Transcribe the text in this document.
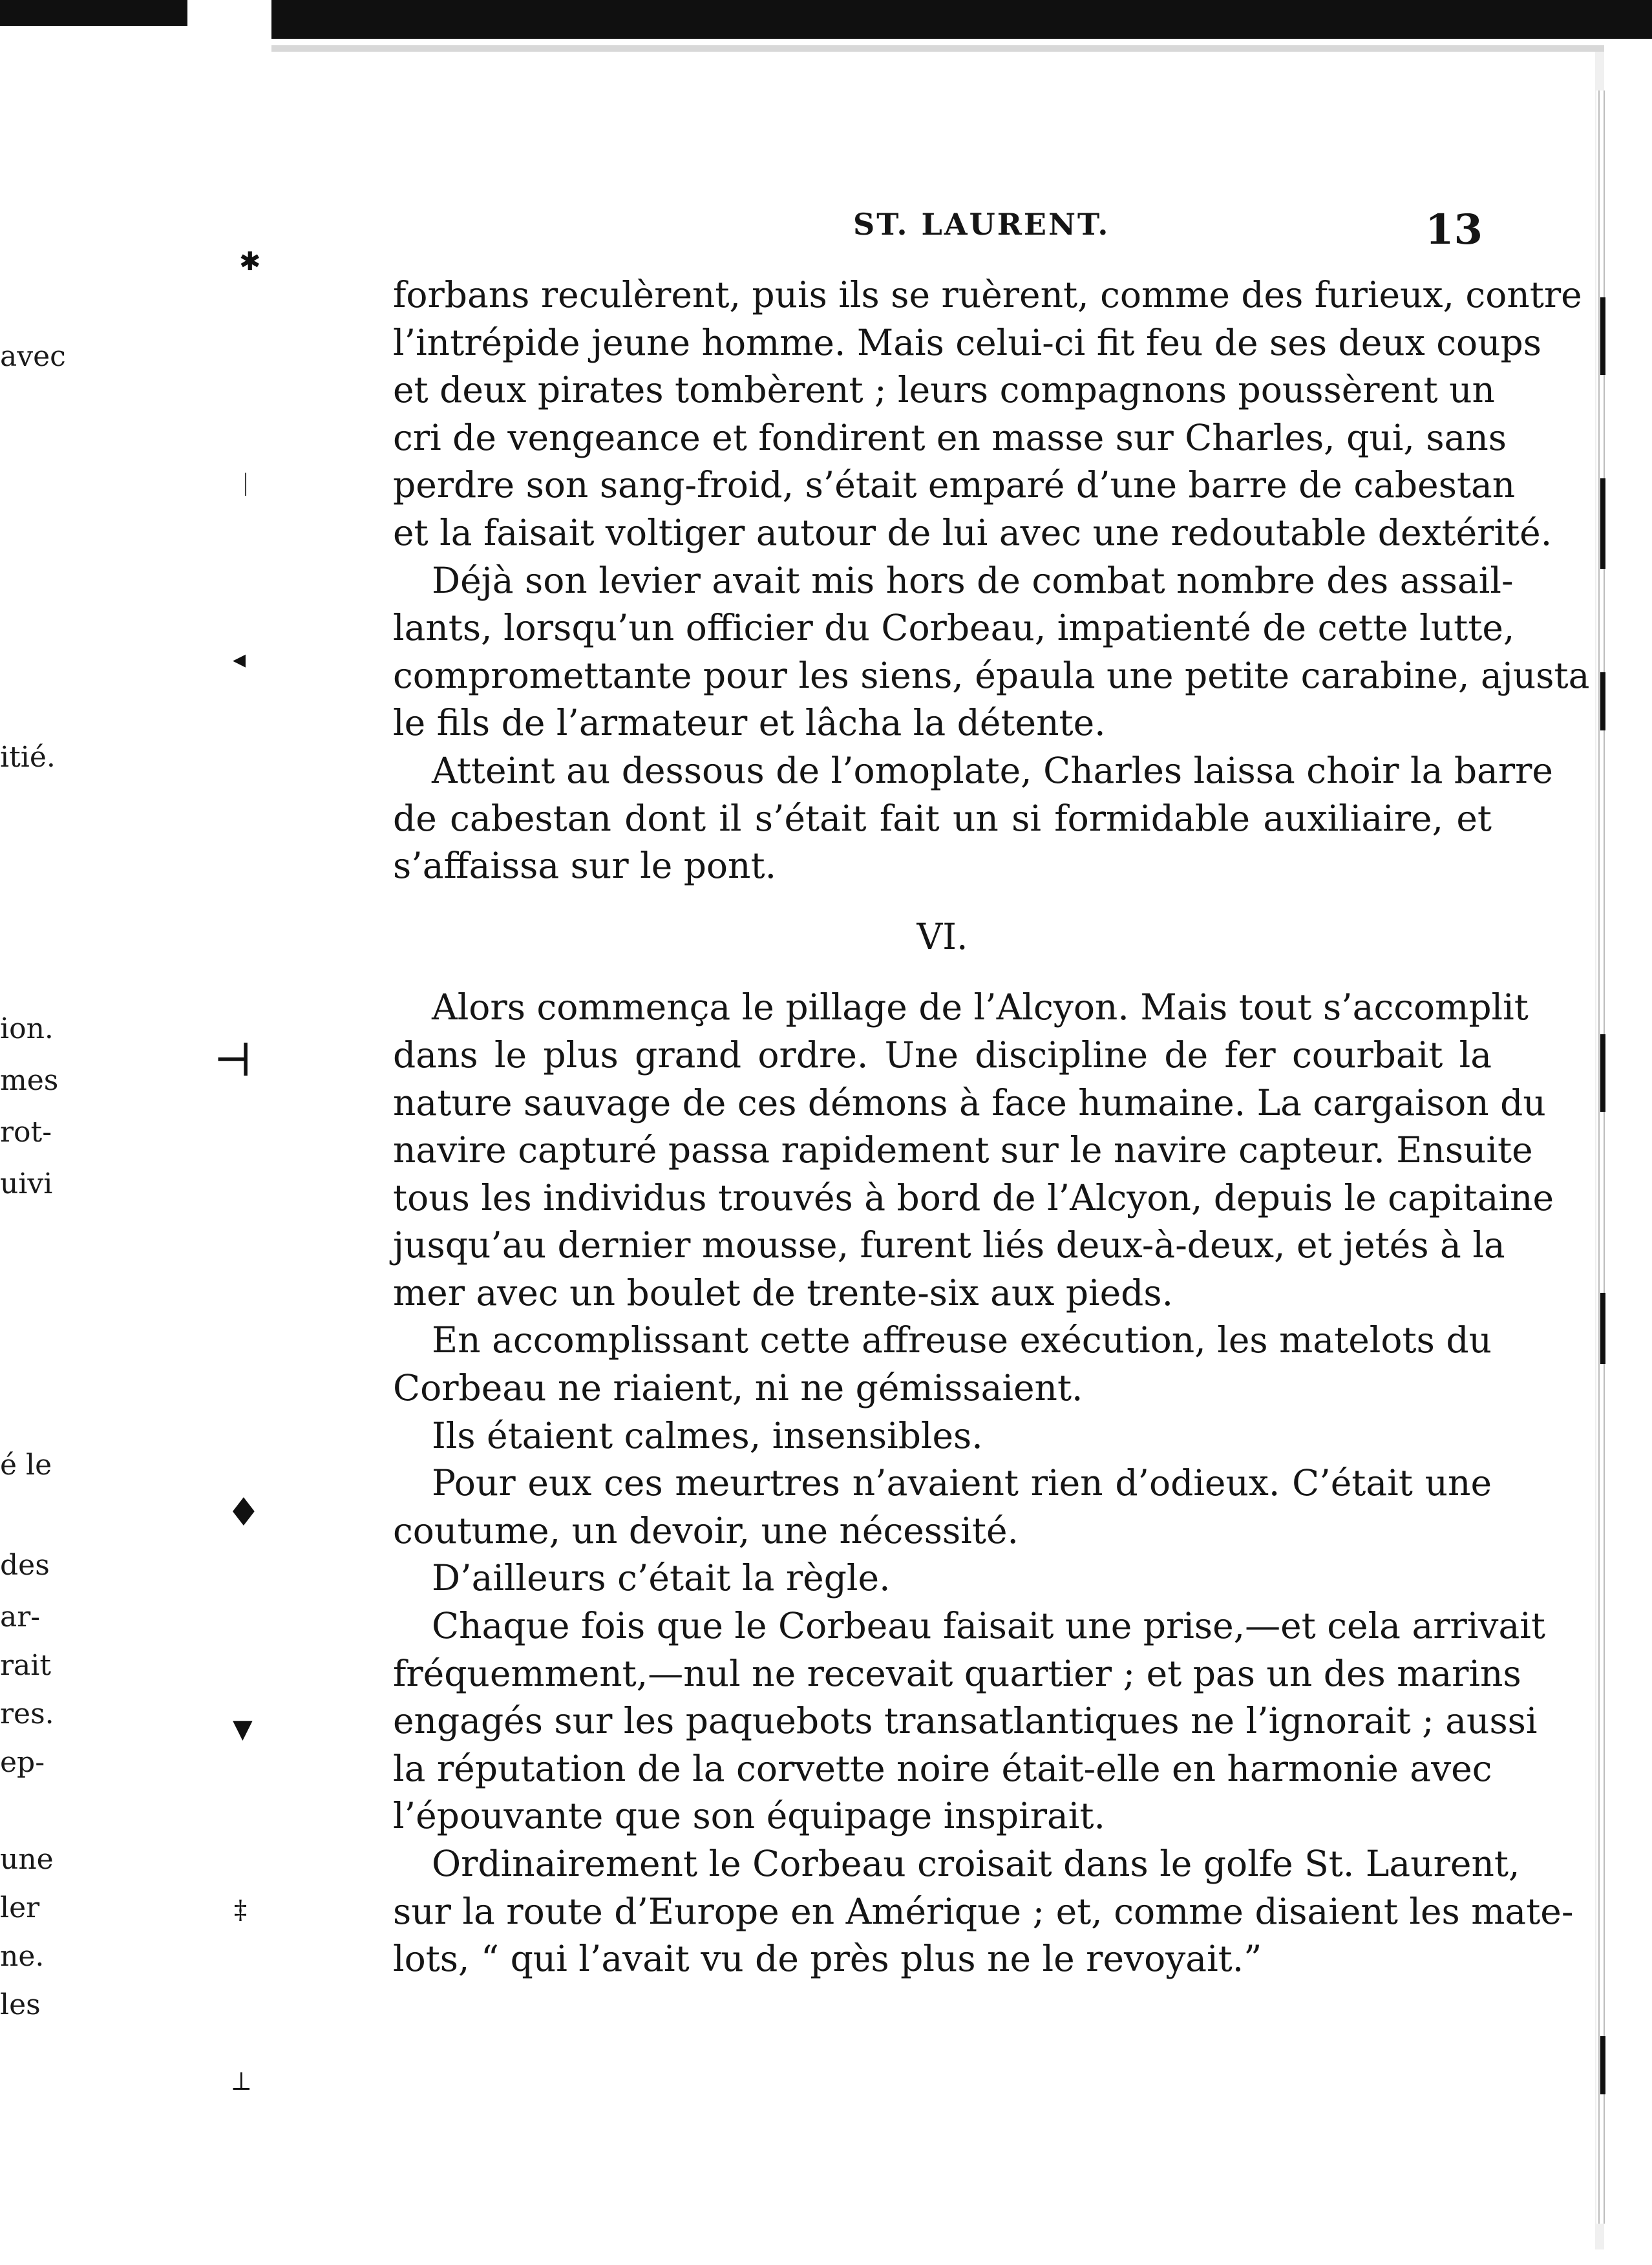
avec
itié.
ion.
mes
rot-
uivi
é le
des
ar-
rait
res.
ep-
une
ler
ne.
les
✱
ᛁ
◂
⊣
♦
▼
‡
⟂
ST. LAURENT.	13
forbans reculèrent, puis ils se ruèrent, comme des furieux, contre
l’intrépide jeune homme. Mais celui-ci fit feu de ses deux coups
et deux pirates tombèrent ; leurs compagnons poussèrent un
cri de vengeance et fondirent en masse sur Charles, qui, sans
perdre son sang-froid, s’était emparé d’une barre de cabestan
et la faisait voltiger autour de lui avec une redoutable dextérité.
Déjà son levier avait mis hors de combat nombre des assail-
lants, lorsqu’un officier du Corbeau, impatienté de cette lutte,
compromettante pour les siens, épaula une petite carabine, ajusta
le fils de l’armateur et lâcha la détente.
Atteint au dessous de l’omoplate, Charles laissa choir la barre
de cabestan dont il s’était fait un si formidable auxiliaire, et
s’affaissa sur le pont.
VI.
Alors commença le pillage de l’Alcyon. Mais tout s’accomplit
dans le plus grand ordre. Une discipline de fer courbait la
nature sauvage de ces démons à face humaine. La cargaison du
navire capturé passa rapidement sur le navire capteur. Ensuite
tous les individus trouvés à bord de l’Alcyon, depuis le capitaine
jusqu’au dernier mousse, furent liés deux-à-deux, et jetés à la
mer avec un boulet de trente-six aux pieds.
En accomplissant cette affreuse exécution, les matelots du
Corbeau ne riaient, ni ne gémissaient.
Ils étaient calmes, insensibles.
Pour eux ces meurtres n’avaient rien d’odieux. C’était une
coutume, un devoir, une nécessité.
D’ailleurs c’était la règle.
Chaque fois que le Corbeau faisait une prise,—et cela arrivait
fréquemment,—nul ne recevait quartier ; et pas un des marins
engagés sur les paquebots transatlantiques ne l’ignorait ; aussi
la réputation de la corvette noire était-elle en harmonie avec
l’épouvante que son équipage inspirait.
Ordinairement le Corbeau croisait dans le golfe St. Laurent,
sur la route d’Europe en Amérique ; et, comme disaient les mate-
lots, “ qui l’avait vu de près plus ne le revoyait.”
